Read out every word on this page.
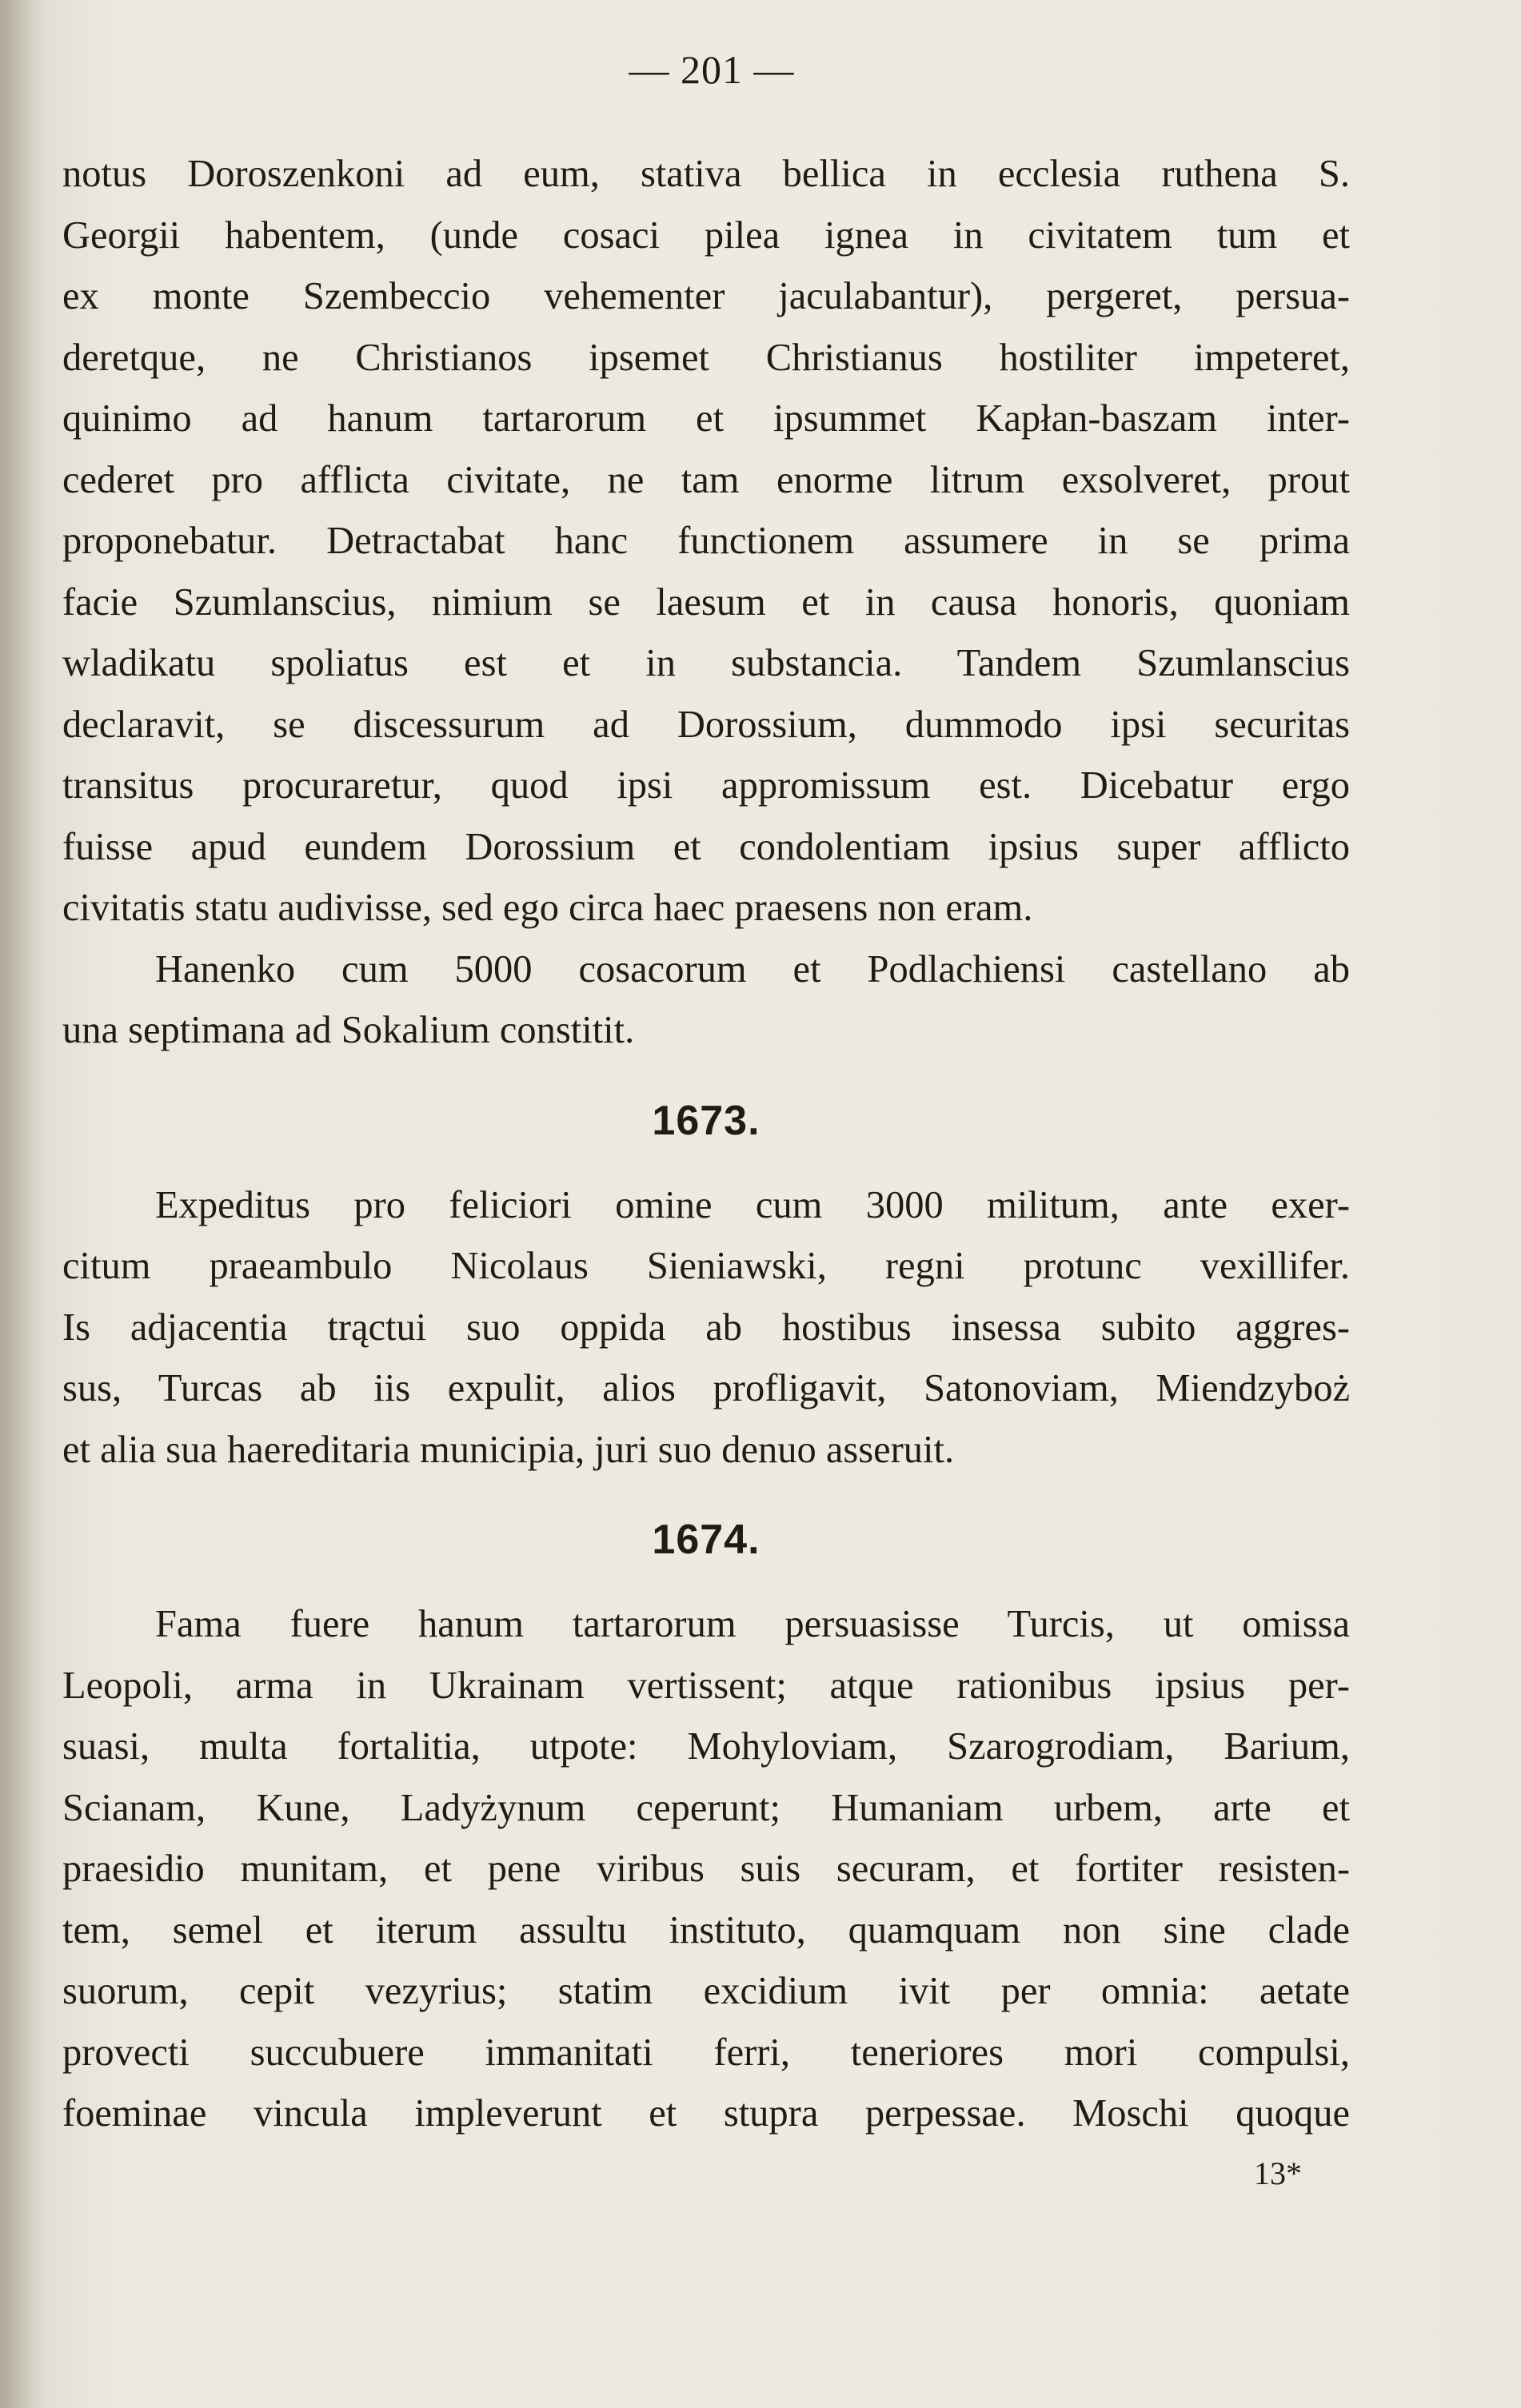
— 201 —
notus Doroszenkoni ad eum, stativa bellica in ecclesia ruthena S.
Georgii habentem, (unde cosaci pilea ignea in civitatem tum et
ex monte Szembeccio vehementer jaculabantur), pergeret, persua-
deretque, ne Christianos ipsemet Christianus hostiliter impeteret,
quinimo ad hanum tartarorum et ipsummet Kapłan-baszam inter-
cederet pro afflicta civitate, ne tam enorme litrum exsolveret, prout
proponebatur. Detractabat hanc functionem assumere in se prima
facie Szumlanscius, nimium se laesum et in causa honoris, quoniam
wladikatu spoliatus est et in substancia. Tandem Szumlanscius
declaravit, se discessurum ad Dorossium, dummodo ipsi securitas
transitus procuraretur, quod ipsi appromissum est. Dicebatur ergo
fuisse apud eundem Dorossium et condolentiam ipsius super afflicto
civitatis statu audivisse, sed ego circa haec praesens non eram.
Hanenko cum 5000 cosacorum et Podlachiensi castellano ab
una septimana ad Sokalium constitit.
1673.
Expeditus pro feliciori omine cum 3000 militum, ante exer-
citum praeambulo Nicolaus Sieniawski, regni protunc vexillifer.
Is adjacentia trąctui suo oppida ab hostibus insessa subito aggres-
sus, Turcas ab iis expulit, alios profligavit, Satonoviam, Miendzyboż
et alia sua haereditaria municipia, juri suo denuo asseruit.
1674.
Fama fuere hanum tartarorum persuasisse Turcis, ut omissa
Leopoli, arma in Ukrainam vertissent; atque rationibus ipsius per-
suasi, multa fortalitia, utpote: Mohyloviam, Szarogrodiam, Barium,
Scianam, Kune, Ladyżynum ceperunt; Humaniam urbem, arte et
praesidio munitam, et pene viribus suis securam, et fortiter resisten-
tem, semel et iterum assultu instituto, quamquam non sine clade
suorum, cepit vezyrius; statim excidium ivit per omnia: aetate
provecti succubuere immanitati ferri, teneriores mori compulsi,
foeminae vincula impleverunt et stupra perpessae. Moschi quoque
13*
